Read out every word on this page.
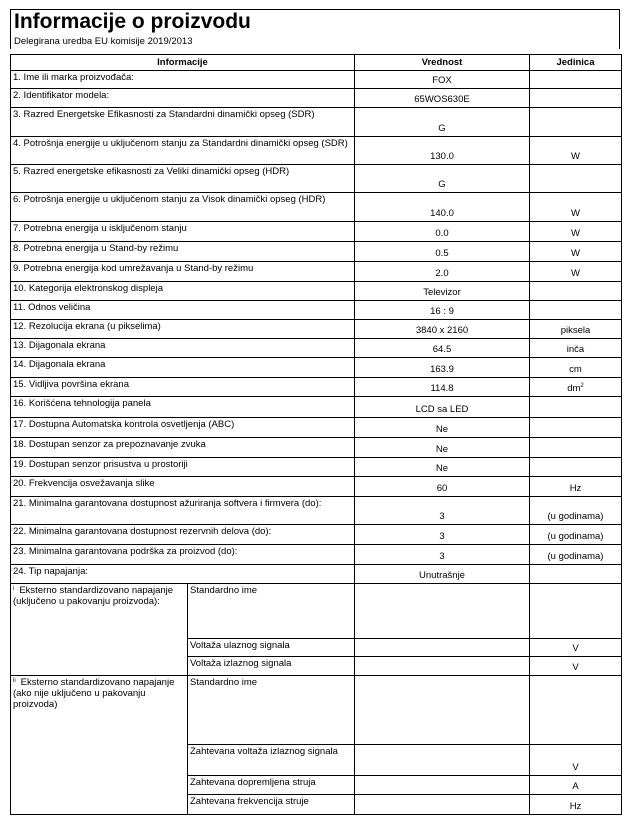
Informacije o proizvodu
Delegirana uredba EU komisije 2019/2013
Informacije		Vrednost	Jedinica
1. Ime ili marka proizvođača:		FOX	
2. Identifikator modela:		65WOS630E	
3. Razred Energetske Efikasnosti za Standardni dinamički opseg (SDR)		G	
4. Potrošnja energije u uključenom stanju za Standardni dinamički opseg (SDR)		130.0	W
5. Razred energetske efikasnosti za Veliki dinamički opseg (HDR)		G	
6. Potrošnja energije u uključenom stanju za Visok dinamički opseg (HDR)		140.0	W
7. Potrebna energija u isključenom stanju		0.0	W
8. Potrebna energija u Stand-by režimu		0.5	W
9. Potrebna energija kod umrežavanja u Stand-by režimu		2.0	W
10. Kategorija elektronskog displeja		Televizor	
11. Odnos veličina		16 : 9	
12. Rezolucija ekrana (u pikselima)		3840 x 2160	piksela
13. Dijagonala ekrana		64.5	inča
14. Dijagonala ekrana		163.9	cm
15. Vidljiva površina ekrana		114.8	$dm^2$
16. Korišćena tehnologija panela		LCD sa LED	
17. Dostupna Automatska kontrola osvetljenja (ABC)		Ne	
18. Dostupan senzor za prepoznavanje zvuka		Ne	
19. Dostupan senzor prisustva u prostoriji		Ne	
20. Frekvencija osvežavanja slike		60	Hz
21. Minimalna garantovana dostupnost ažuriranja softvera i firmvera (do):		3	(u godinama)
22. Minimalna garantovana dostupnost rezervnih delova (do):		3	(u godinama)
23. Minimalna garantovana podrška za proizvod (do):		3	(u godinama)
24. Tip napajanja:		Unutrašnje	
$^i$ Eksterno standardizovano napajanje (uključeno u pakovanju proizvoda):	Standardno ime		
	Voltaža ulaznog signala		V
	Voltaža izlaznog signala		V
$^{ii}$ Eksterno standardizovano napajanje (ako nije uključeno u pakovanju proizvoda)	Standardno ime		
	Zahtevana voltaža izlaznog signala		V
	Zahtevana dopremljena struja		A
	Zahtevana frekvencija struje		Hz
